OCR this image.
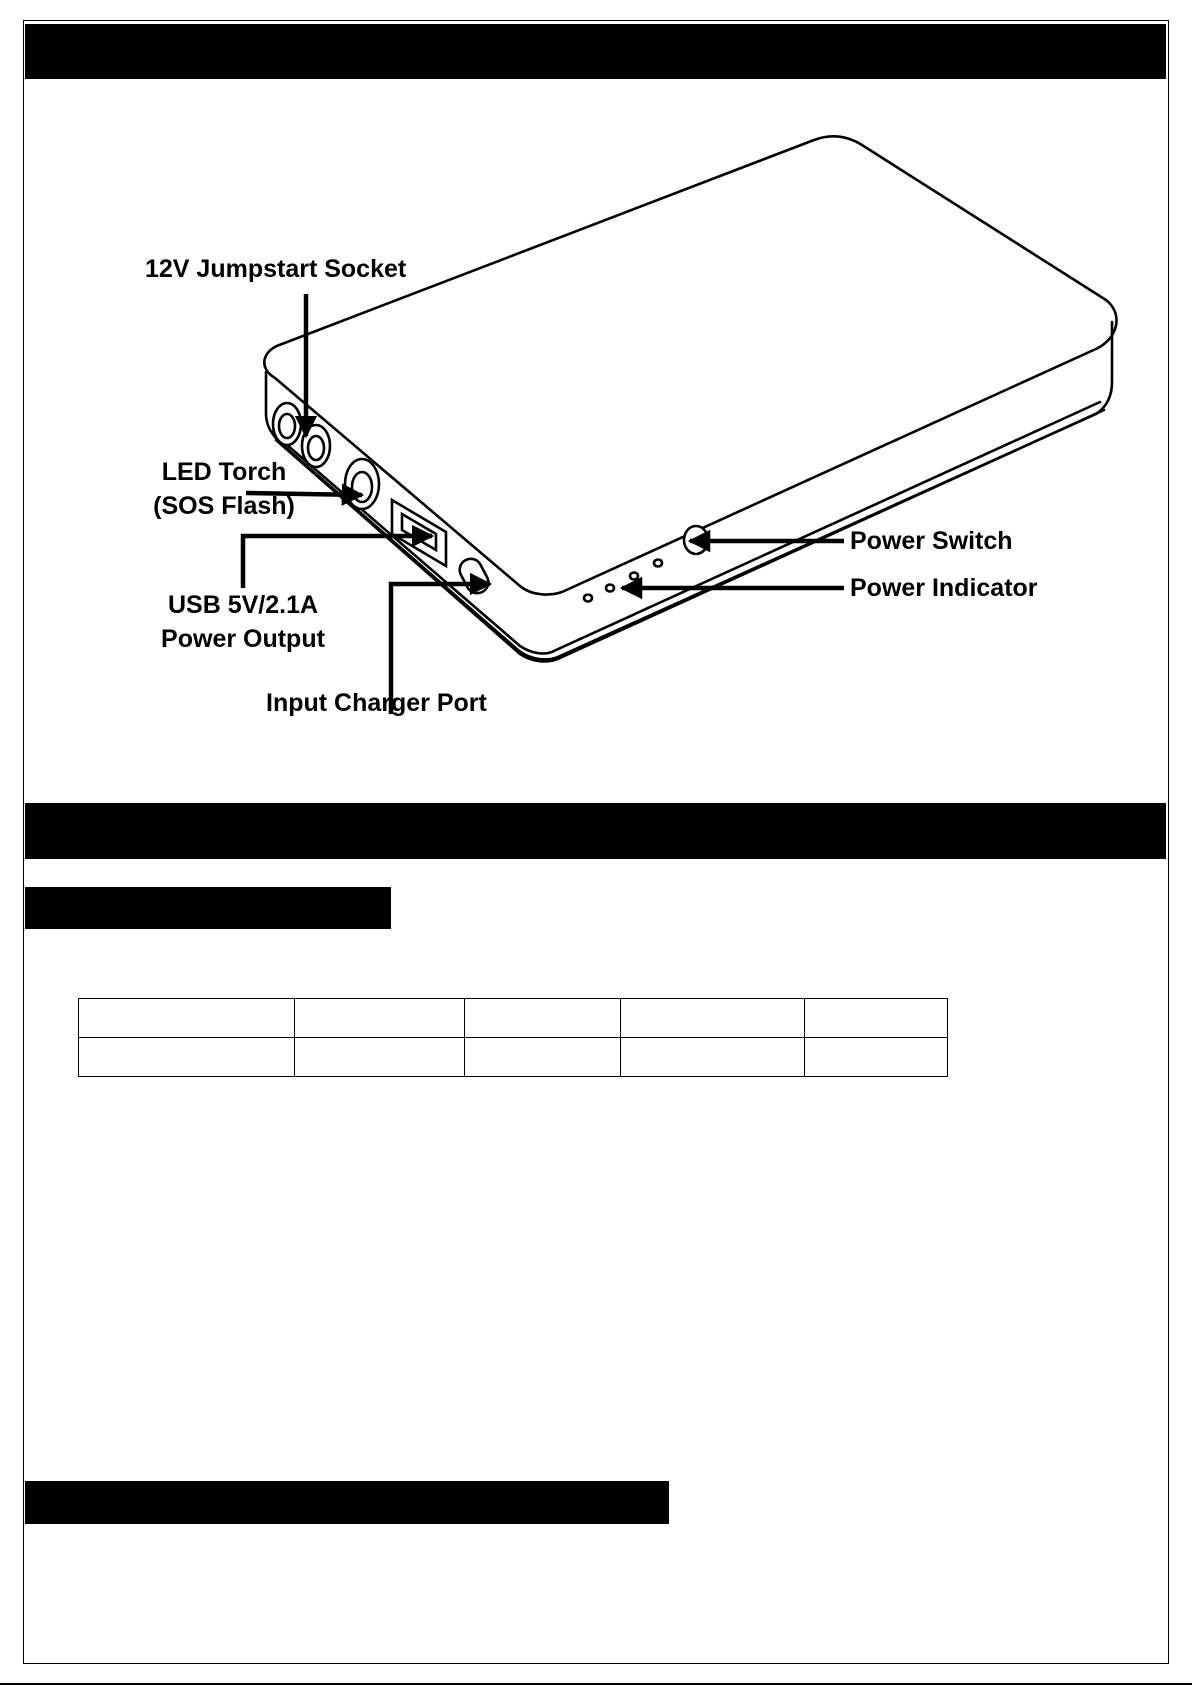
12V Jumpstart Socket
LED Torch
(SOS Flash)
USB 5V/2.1A
Power Output
Input Charger Port
Power Switch
Power Indicator
